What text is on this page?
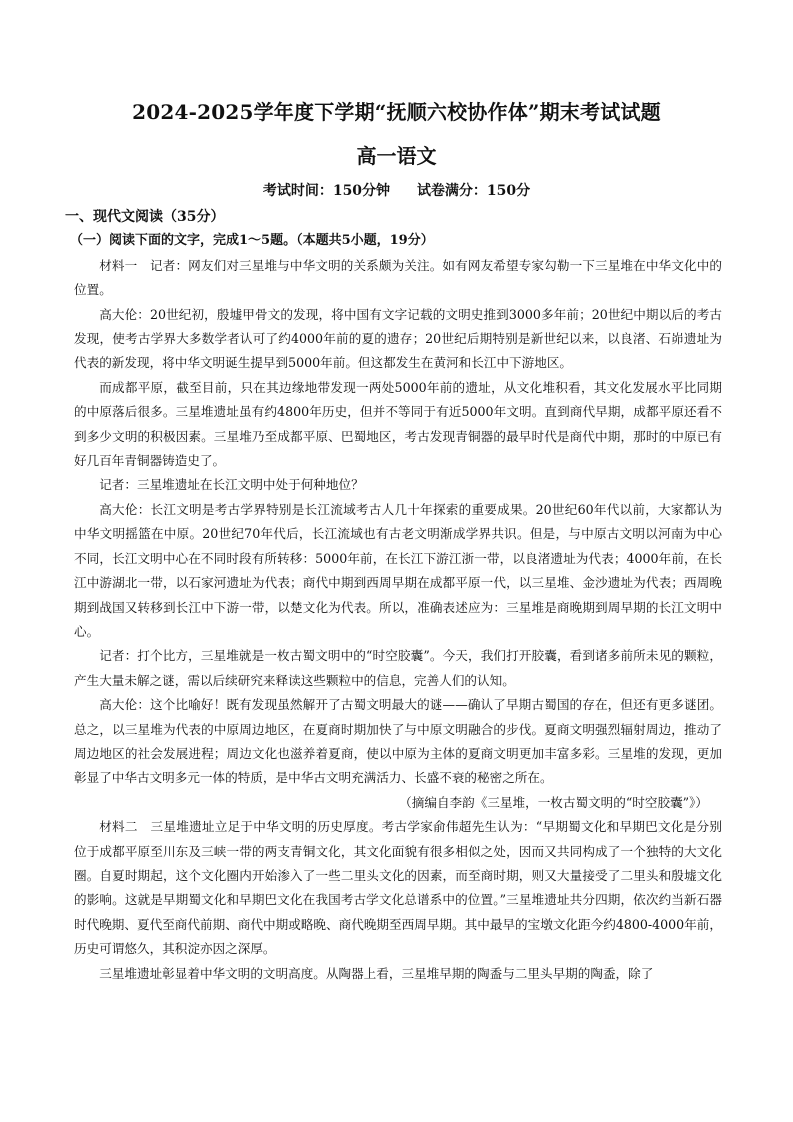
2024-2025学年度下学期“抚顺六校协作体”期末考试试题
高一语文
考试时间：150分钟 试卷满分：150分

一、现代文阅读（35分）

（一）阅读下面的文字，完成1～5题。（本题共5小题，19分）

材料一　记者：网友们对三星堆与中华文明的关系颇为关注。如有网友希望专家勾勒一下三星堆在中华文化中的位置。

高大伦：20世纪初，殷墟甲骨文的发现，将中国有文字记载的文明史推到3000多年前；20世纪中期以后的考古发现，使考古学界大多数学者认可了约4000年前的夏的遗存；20世纪后期特别是新世纪以来，以良渚、石峁遗址为代表的新发现，将中华文明诞生提早到5000年前。但这都发生在黄河和长江中下游地区。

而成都平原，截至目前，只在其边缘地带发现一两处5000年前的遗址，从文化堆积看，其文化发展水平比同期的中原落后很多。三星堆遗址虽有约4800年历史，但并不等同于有近5000年文明。直到商代早期，成都平原还看不到多少文明的积极因素。三星堆乃至成都平原、巴蜀地区，考古发现青铜器的最早时代是商代中期，那时的中原已有好几百年青铜器铸造史了。

记者：三星堆遗址在长江文明中处于何种地位？

高大伦：长江文明是考古学界特别是长江流域考古人几十年探索的重要成果。20世纪60年代以前，大家都认为中华文明摇篮在中原。20世纪70年代后，长江流域也有古老文明渐成学界共识。但是，与中原古文明以河南为中心不同，长江文明中心在不同时段有所转移：5000年前，在长江下游江浙一带，以良渚遗址为代表；4000年前，在长江中游湖北一带，以石家河遗址为代表；商代中期到西周早期在成都平原一代，以三星堆、金沙遗址为代表；西周晚期到战国又转移到长江中下游一带，以楚文化为代表。所以，准确表述应为：三星堆是商晚期到周早期的长江文明中心。

记者：打个比方，三星堆就是一枚古蜀文明中的“时空胶囊”。今天，我们打开胶囊，看到诸多前所未见的颗粒，产生大量未解之谜，需以后续研究来释读这些颗粒中的信息，完善人们的认知。

高大伦：这个比喻好！既有发现虽然解开了古蜀文明最大的谜——确认了早期古蜀国的存在，但还有更多谜团。总之，以三星堆为代表的中原周边地区，在夏商时期加快了与中原文明融合的步伐。夏商文明强烈辐射周边，推动了周边地区的社会发展进程；周边文化也滋养着夏商，使以中原为主体的夏商文明更加丰富多彩。三星堆的发现，更加彰显了中华古文明多元一体的特质，是中华古文明充满活力、长盛不衰的秘密之所在。

（摘编自李韵《三星堆，一枚古蜀文明的“时空胶囊”》）

材料二　三星堆遗址立足于中华文明的历史厚度。考古学家俞伟超先生认为：“早期蜀文化和早期巴文化是分别位于成都平原至川东及三峡一带的两支青铜文化，其文化面貌有很多相似之处，因而又共同构成了一个独特的大文化圈。自夏时期起，这个文化圈内开始渗入了一些二里头文化的因素，而至商时期，则又大量接受了二里头和殷墟文化的影响。这就是早期蜀文化和早期巴文化在我国考古学文化总谱系中的位置。”三星堆遗址共分四期，依次约当新石器时代晚期、夏代至商代前期、商代中期或略晚、商代晚期至西周早期。其中最早的宝墩文化距今约4800-4000年前，历史可谓悠久，其积淀亦因之深厚。

三星堆遗址彰显着中华文明的文明高度。从陶器上看，三星堆早期的陶盉与二里头早期的陶盉，除了
